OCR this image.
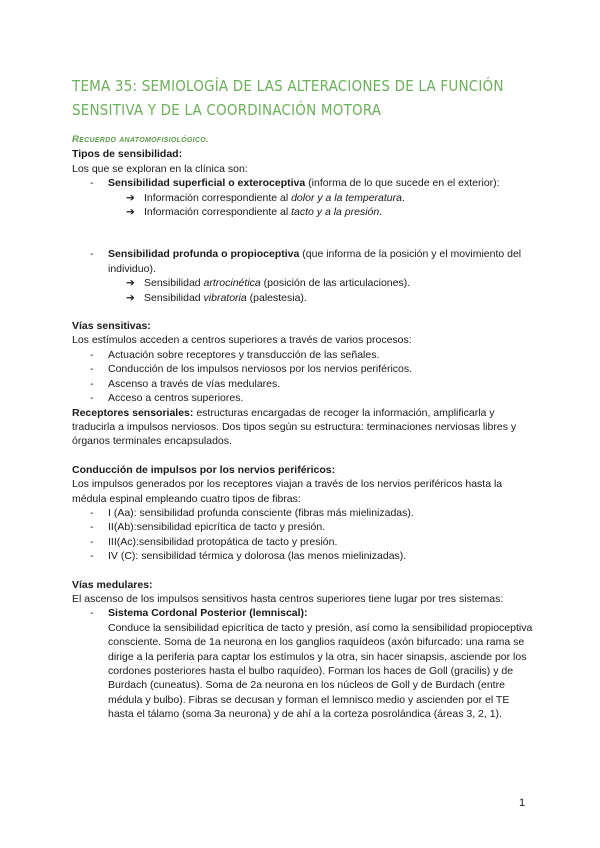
TEMA 35: SEMIOLOGÍA DE LAS ALTERACIONES DE LA FUNCIÓN SENSITIVA Y DE LA COORDINACIÓN MOTORA

Recuerdo anatomofisiológico.

Tipos de sensibilidad:

Los que se exploran en la clínica son:

- Sensibilidad superficial o exteroceptiva (informa de lo que sucede en el exterior):
➔ Información correspondiente al dolor y a la temperatura.
➔ Información correspondiente al tacto y a la presión.
- Sensibilidad profunda o propioceptiva (que informa de la posición y el movimiento del individuo).
➔ Sensibilidad artrocinética (posición de las articulaciones).
➔ Sensibilidad vibratoria (palestesia).

Vías sensitivas:

Los estímulos acceden a centros superiores a través de varios procesos:

- Actuación sobre receptores y transducción de las señales.
- Conducción de los impulsos nerviosos por los nervios periféricos.
- Ascenso a través de vías medulares.
- Acceso a centros superiores.

Receptores sensoriales: estructuras encargadas de recoger la información, amplificarla y traducirla a impulsos nerviosos. Dos tipos según su estructura: terminaciones nerviosas libres y órganos terminales encapsulados.

Conducción de impulsos por los nervios periféricos:

Los impulsos generados por los receptores viajan a través de los nervios periféricos hasta la médula espinal empleando cuatro tipos de fibras:

- I (Aa): sensibilidad profunda consciente (fibras más mielinizadas).
- II(Ab):sensibilidad epicrítica de tacto y presión.
- III(Ac):sensibilidad protopática de tacto y presión.
- IV (C): sensibilidad térmica y dolorosa (las menos mielinizadas).

Vías medulares:

El ascenso de los impulsos sensitivos hasta centros superiores tiene lugar por tres sistemas:

- Sistema Cordonal Posterior (lemniscal):

Conduce la sensibilidad epicrítica de tacto y presión, así como la sensibilidad propioceptiva consciente. Soma de 1a neurona en los ganglios raquídeos (axón bifurcado: una rama se dirige a la periferia para captar los estímulos y la otra, sin hacer sinapsis, asciende por los cordones posteriores hasta el bulbo raquídeo). Forman los haces de Goll (gracilis) y de Burdach (cuneatus). Soma de 2a neurona en los núcleos de Goll y de Burdach (entre médula y bulbo). Fibras se decusan y forman el lemnisco medio y ascienden por el TE hasta el tálamo (soma 3a neurona) y de ahí a la corteza posrolándica (áreas 3, 2, 1).

1
